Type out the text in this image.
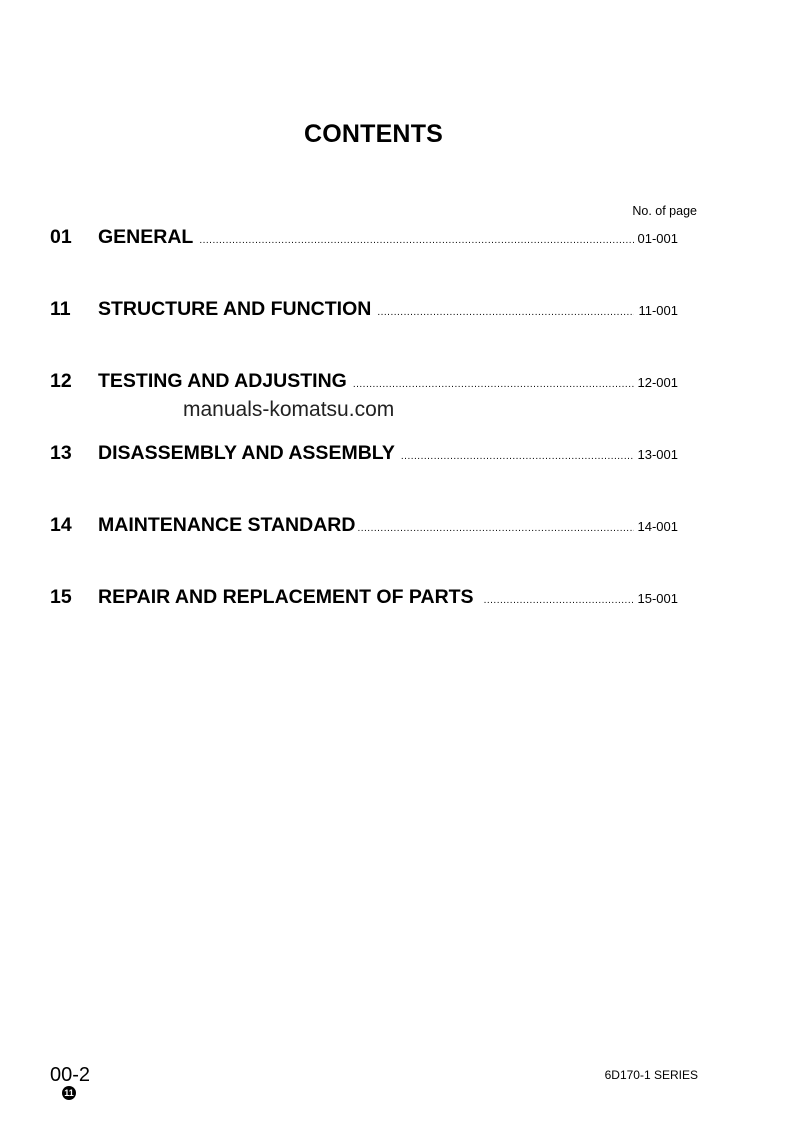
CONTENTS
No. of page
01	GENERAL .....	01-001
11	STRUCTURE AND FUNCTION .....	11-001
12	TESTING AND ADJUSTING .....	12-001
manuals-komatsu.com
13	DISASSEMBLY AND ASSEMBLY .....	13-001
14	MAINTENANCE STANDARD .....	14-001
15	REPAIR AND REPLACEMENT OF PARTS .....	15-001
00-2
11
6D170-1 SERIES
